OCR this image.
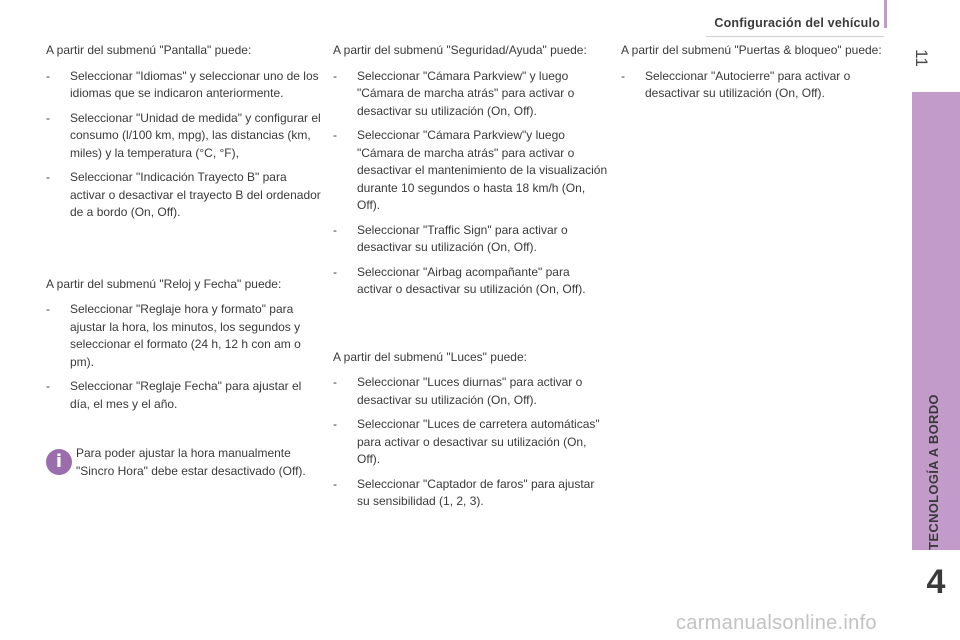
Configuración del vehículo
11
TECNOLOGÍA A BORDO
4

A partir del submenú "Pantalla" puede:

- Seleccionar "Idiomas" y seleccionar uno de los idiomas que se indicaron anteriormente.
- Seleccionar "Unidad de medida" y configurar el consumo (l/100 km, mpg), las distancias (km, miles) y la temperatura (°C, °F),
- Seleccionar "Indicación Trayecto B" para activar o desactivar el trayecto B del ordenador de a bordo (On, Off).

A partir del submenú "Reloj y Fecha" puede:

- Seleccionar "Reglaje hora y formato" para ajustar la hora, los minutos, los segundos y seleccionar el formato (24 h, 12 h con am o pm).
- Seleccionar "Reglaje Fecha" para ajustar el día, el mes y el año.
i	Para poder ajustar la hora manualmente "Sincro Hora" debe estar desactivado (Off).

A partir del submenú "Seguridad/Ayuda" puede:

- Seleccionar "Cámara Parkview" y luego "Cámara de marcha atrás" para activar o desactivar su utilización (On, Off).
- Seleccionar "Cámara Parkview"y luego "Cámara de marcha atrás" para activar o desactivar el mantenimiento de la visualización durante 10 segundos o hasta 18 km/h (On, Off).
- Seleccionar "Traffic Sign" para activar o desactivar su utilización (On, Off).
- Seleccionar "Airbag acompañante" para activar o desactivar su utilización (On, Off).

A partir del submenú "Luces" puede:

- Seleccionar "Luces diurnas" para activar o desactivar su utilización (On, Off).
- Seleccionar "Luces de carretera automáticas" para activar o desactivar su utilización (On, Off).
- Seleccionar "Captador de faros" para ajustar su sensibilidad (1, 2, 3).

A partir del submenú "Puertas & bloqueo" puede:

- Seleccionar "Autocierre" para activar o desactivar su utilización (On, Off).
carmanualsonline.info
